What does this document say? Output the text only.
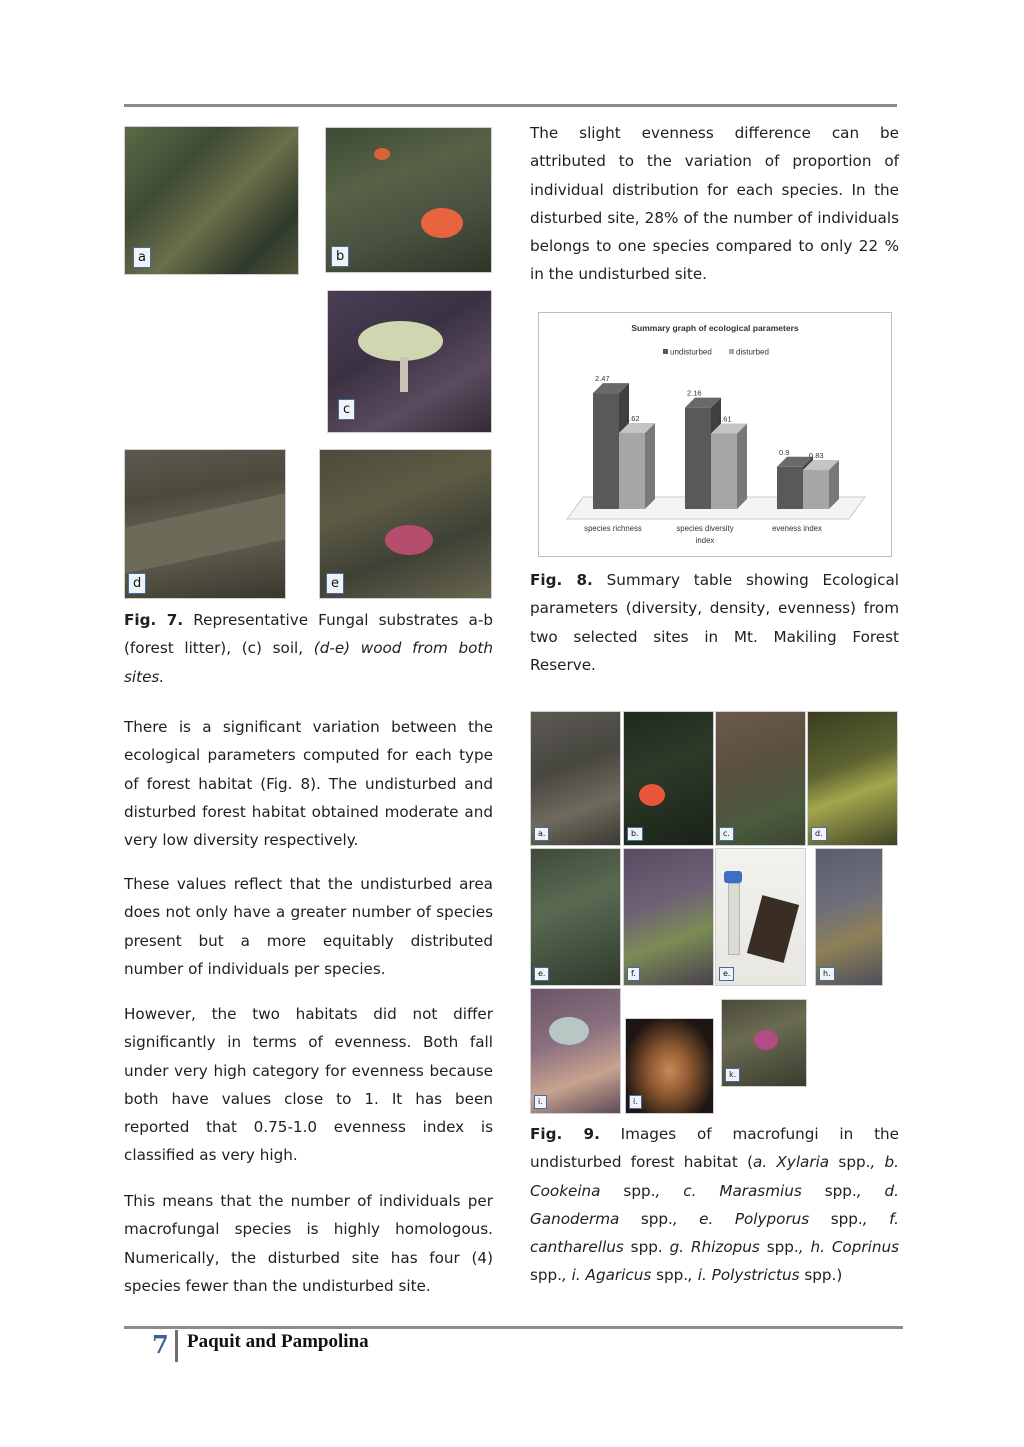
a	b
c
d	e

Fig. 7. Representative Fungal substrates a-b (forest litter), (c) soil, (d-e) wood from both sites.

There is a significant variation between the ecological parameters computed for each type of forest habitat (Fig. 8). The undisturbed and disturbed forest habitat obtained moderate and very low diversity respectively.

These values reflect that the undisturbed area does not only have a greater number of species present but a more equitably distributed number of individuals per species.

However, the two habitats did not differ significantly in terms of evenness. Both fall under very high category for evenness because both have values close to 1. It has been reported that 0.75-1.0 evenness index is classified as very high.

This means that the number of individuals per macrofungal species is highly homologous. Numerically, the disturbed site has four (4) species fewer than the undisturbed site.

The slight evenness difference can be attributed to the variation of proportion of individual distribution for each species. In the disturbed site, 28% of the number of individuals belongs to one species compared to only 22 % in the undisturbed site.

Summary graph of ecological parameters
undisturbed	disturbed
2.47
1.62
2.16
1.61
0.9	0.83
species richness	species diversity
index
eveness index

Fig. 8. Summary table showing Ecological parameters (diversity, density, evenness) from two selected sites in Mt. Makiling Forest Reserve.

a.	b.	c.	d.
e.	f.	e.	h.
i.	i.
k.

Fig. 9. Images of macrofungi in the undisturbed forest habitat (a. Xylaria spp., b. Cookeina spp., c. Marasmius spp., d. Ganoderma spp., e. Polyporus spp., f. cantharellus spp. g. Rhizopus spp., h. Coprinus spp., i. Agaricus spp., i. Polystrictus spp.)

7 Paquit and Pampolina
